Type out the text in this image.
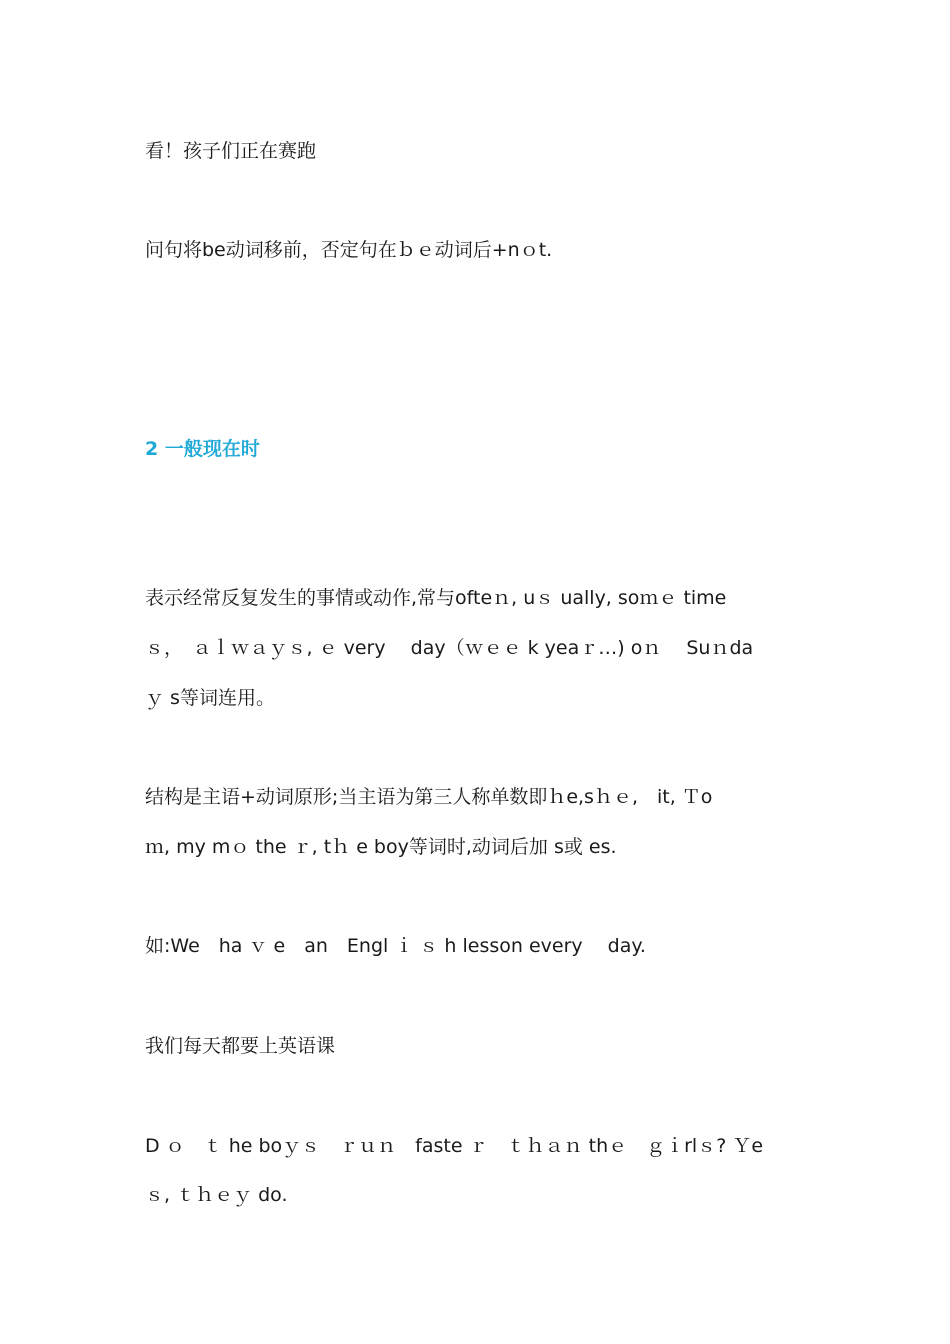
看！孩子们正在赛跑
问句将be动词移前，否定句在ｂｅ动词后+nｏt.
2 一般现在时
表示经常反复发生的事情或动作,常与ofteｎ, uｓ ually, soｍｅ time
ｓ，　ａｌｗａｙｓ, ｅ very　 day（ｗｅｅ k yeaｒ…) oｎ　 Suｎda
ｙ s等词连用。
结构是主语+动词原形;当主语为第三人称单数即ｈe,sｈｅ,　it, Ｔo
ｍ, my mｏ the ｒ, tｈ e boy等词时,动词后加 s或 es.
如:We　ha ｖ e　an　Engl ｉ ｓ h lesson every　 day.
我们每天都要上英语课
D ｏ　ｔ he boｙｓ　ｒｕｎ　faste ｒ　ｔｈａｎ thｅ　ｇｉrlｓ? Ｙe
ｓ, ｔｈｅｙ do.
